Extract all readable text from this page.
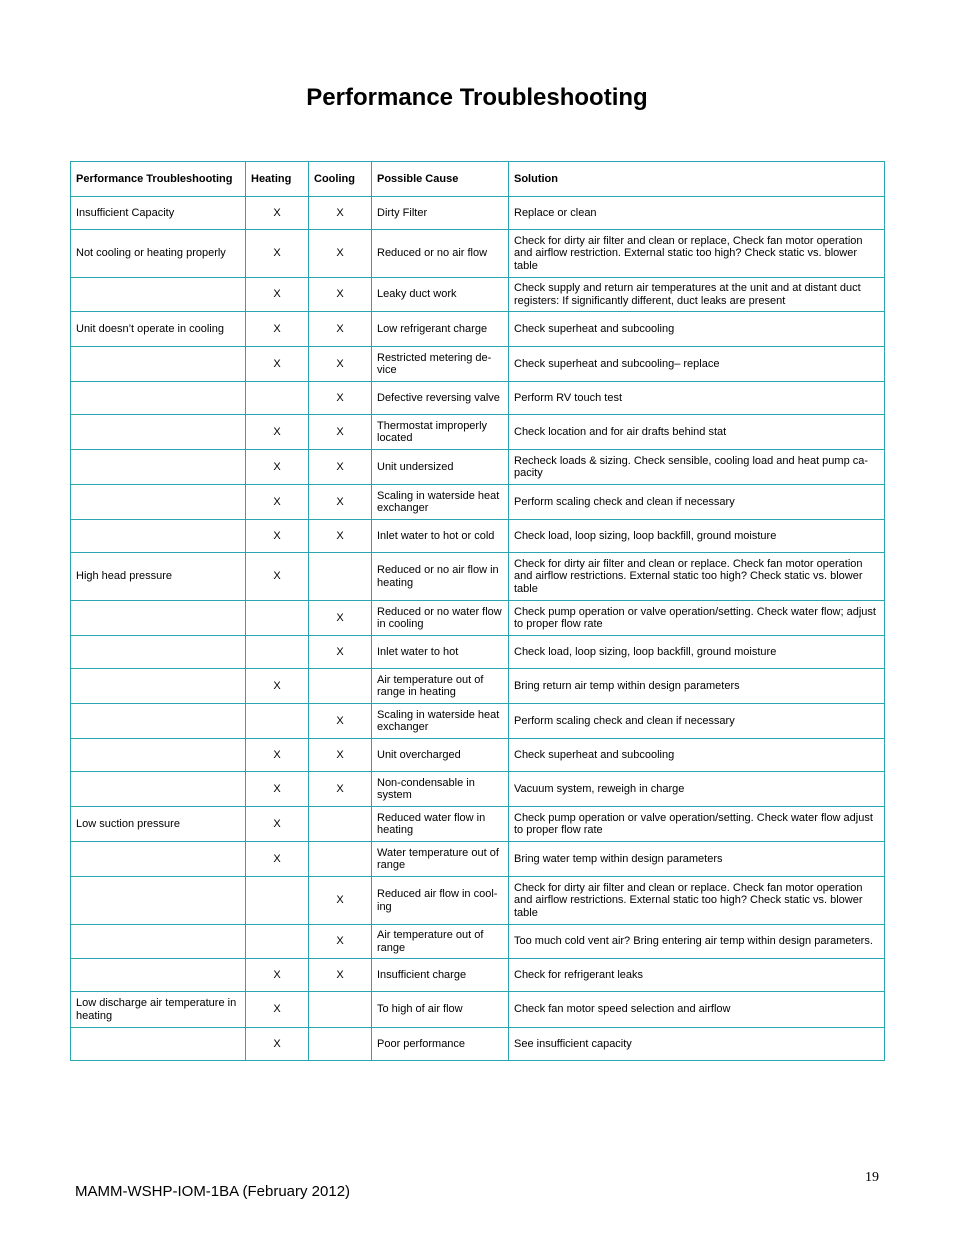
Performance Troubleshooting
Performance Troubleshooting	Heating	Cooling	Possible Cause	Solution
Insufficient Capacity	X	X	Dirty Filter	Replace or clean
Not cooling or heating properly	X	X	Reduced or no air flow	Check for dirty air filter and clean or replace, Check fan motor operation and airflow restriction. External static too high? Check static vs. blower table
	X	X	Leaky duct work	Check supply and return air temperatures at the unit and at distant duct registers: If significantly different, duct leaks are present
Unit doesn’t operate in cooling	X	X	Low refrigerant charge	Check superheat and subcooling
	X	X	Restricted metering de-vice	Check superheat and subcooling– replace
		X	Defective reversing valve	Perform RV touch test
	X	X	Thermostat improperly located	Check location and for air drafts behind stat
	X	X	Unit undersized	Recheck loads & sizing. Check sensible, cooling load and heat pump ca-pacity
	X	X	Scaling in waterside heat exchanger	Perform scaling check and clean if necessary
	X	X	Inlet water to hot or cold	Check load, loop sizing, loop backfill, ground moisture
High head pressure	X		Reduced or no air flow in heating	Check for dirty air filter and clean or replace. Check fan motor operation and airflow restrictions. External static too high? Check static vs. blower table
		X	Reduced or no water flow in cooling	Check pump operation or valve operation/setting. Check water flow; adjust to proper flow rate
		X	Inlet water to hot	Check load, loop sizing, loop backfill, ground moisture
	X		Air temperature out of range in heating	Bring return air temp within design parameters
		X	Scaling in waterside heat exchanger	Perform scaling check and clean if necessary
	X	X	Unit overcharged	Check superheat and subcooling
	X	X	Non-condensable in system	Vacuum system, reweigh in charge
Low suction pressure	X		Reduced water flow in heating	Check pump operation or valve operation/setting. Check water flow adjust to proper flow rate
	X		Water temperature out of range	Bring water temp within design parameters
		X	Reduced air flow in cool-ing	Check for dirty air filter and clean or replace. Check fan motor operation and airflow restrictions. External static too high? Check static vs. blower table
		X	Air temperature out of range	Too much cold vent air? Bring entering air temp within design parameters.
	X	X	Insufficient charge	Check for refrigerant leaks
Low discharge air temperature in heating	X		To high of air flow	Check fan motor speed selection and airflow
	X		Poor performance	See insufficient capacity
19
MAMM-WSHP-IOM-1BA (February 2012)
